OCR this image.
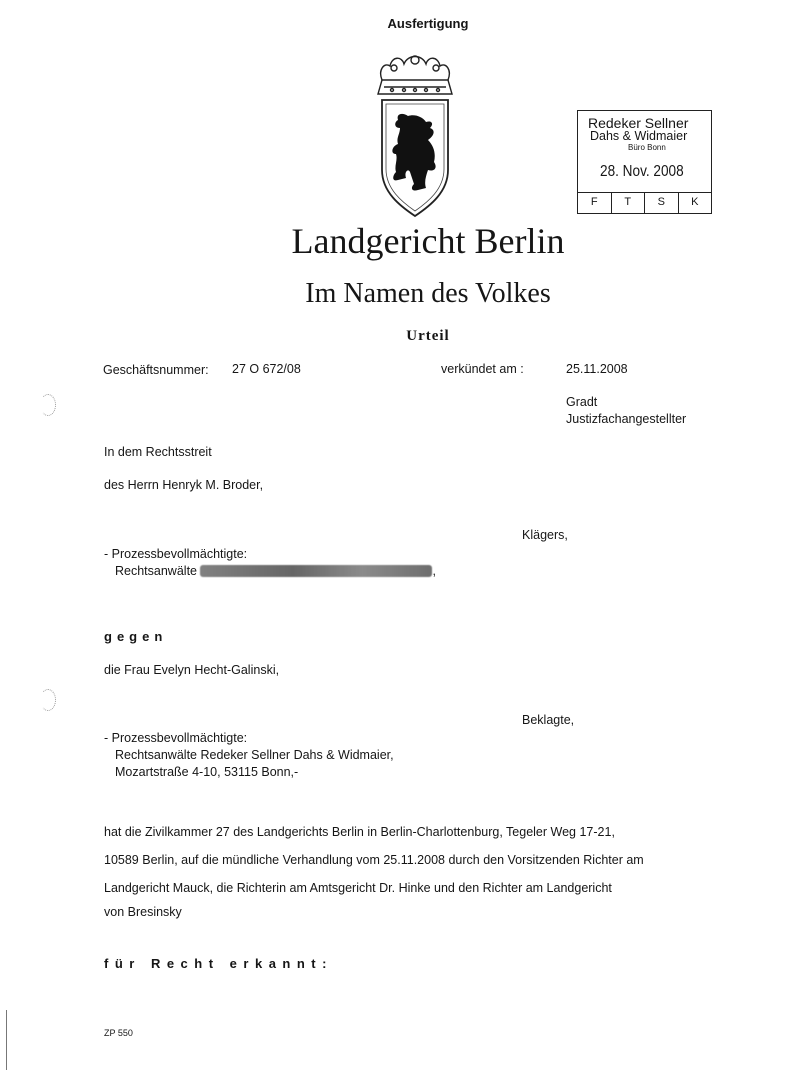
Ausfertigung
Redeker Sellner
Dahs & Widmaier
Büro Bonn
28. Nov. 2008
F	T	S	K
Landgericht Berlin
Im Namen des Volkes
Urteil
Geschäftsnummer: 27 O 672/08	verkündet am :	25.11.2008
Gradt
Justizfachangestellter
In dem Rechtsstreit
des Herrn Henryk M. Broder,
Klägers,
- Prozessbevollmächtigte:
Rechtsanwälte	,
gegen
die Frau Evelyn Hecht-Galinski,
Beklagte,
- Prozessbevollmächtigte:
Rechtsanwälte Redeker Sellner Dahs & Widmaier,
Mozartstraße 4-10, 53115 Bonn,-
hat die Zivilkammer 27 des Landgerichts Berlin in Berlin-Charlottenburg, Tegeler Weg 17-21,
10589 Berlin, auf die mündliche Verhandlung vom 25.11.2008 durch den Vorsitzenden Richter am
Landgericht Mauck, die Richterin am Amtsgericht Dr. Hinke und den Richter am Landgericht
von Bresinsky
für Recht erkannt:
ZP 550
